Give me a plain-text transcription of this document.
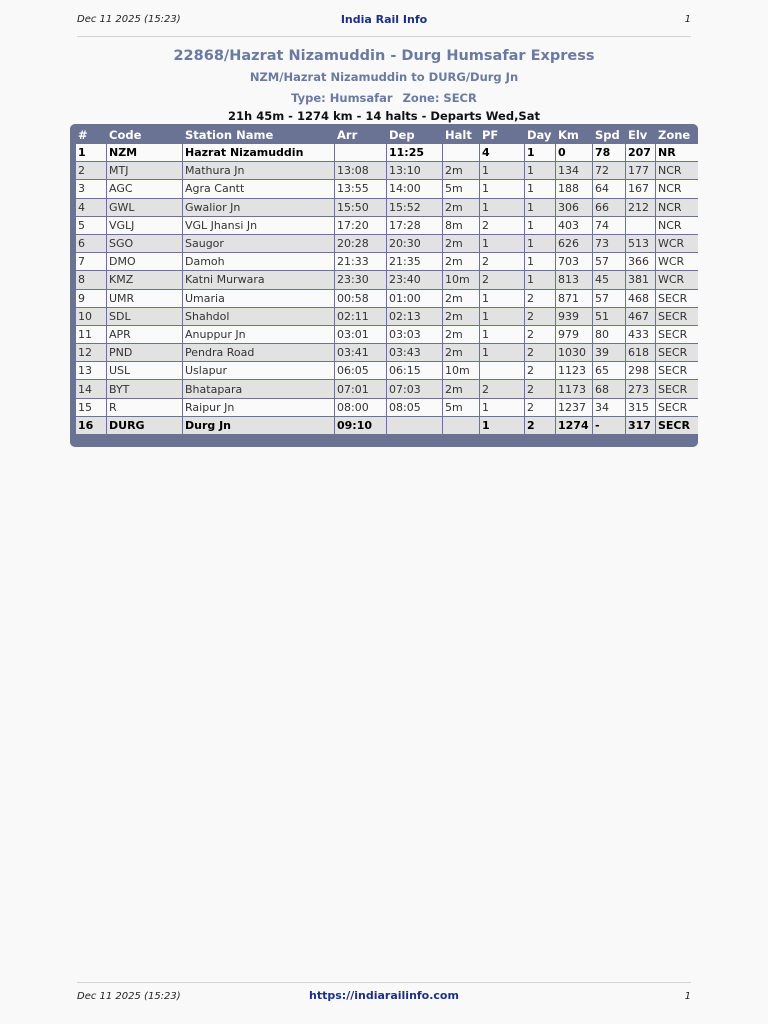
Dec 11 2025 (15:23)	India Rail Info	1
22868/Hazrat Nizamuddin - Durg Humsafar Express
NZM/Hazrat Nizamuddin to DURG/Durg Jn
Type: Humsafar Zone: SECR
21h 45m - 1274 km - 14 halts - Departs Wed,Sat
#	Code	Station Name	Arr	Dep	Halt	PF	Day	Km	Spd	Elv	Zone
1	NZM	Hazrat Nizamuddin		11:25		4	1	0	78	207	NR
2	MTJ	Mathura Jn	13:08	13:10	2m	1	1	134	72	177	NCR
3	AGC	Agra Cantt	13:55	14:00	5m	1	1	188	64	167	NCR
4	GWL	Gwalior Jn	15:50	15:52	2m	1	1	306	66	212	NCR
5	VGLJ	VGL Jhansi Jn	17:20	17:28	8m	2	1	403	74		NCR
6	SGO	Saugor	20:28	20:30	2m	1	1	626	73	513	WCR
7	DMO	Damoh	21:33	21:35	2m	2	1	703	57	366	WCR
8	KMZ	Katni Murwara	23:30	23:40	10m	2	1	813	45	381	WCR
9	UMR	Umaria	00:58	01:00	2m	1	2	871	57	468	SECR
10	SDL	Shahdol	02:11	02:13	2m	1	2	939	51	467	SECR
11	APR	Anuppur Jn	03:01	03:03	2m	1	2	979	80	433	SECR
12	PND	Pendra Road	03:41	03:43	2m	1	2	1030	39	618	SECR
13	USL	Uslapur	06:05	06:15	10m		2	1123	65	298	SECR
14	BYT	Bhatapara	07:01	07:03	2m	2	2	1173	68	273	SECR
15	R	Raipur Jn	08:00	08:05	5m	1	2	1237	34	315	SECR
16	DURG	Durg Jn	09:10			1	2	1274	-	317	SECR

Dec 11 2025 (15:23)	https://indiarailinfo.com	1
